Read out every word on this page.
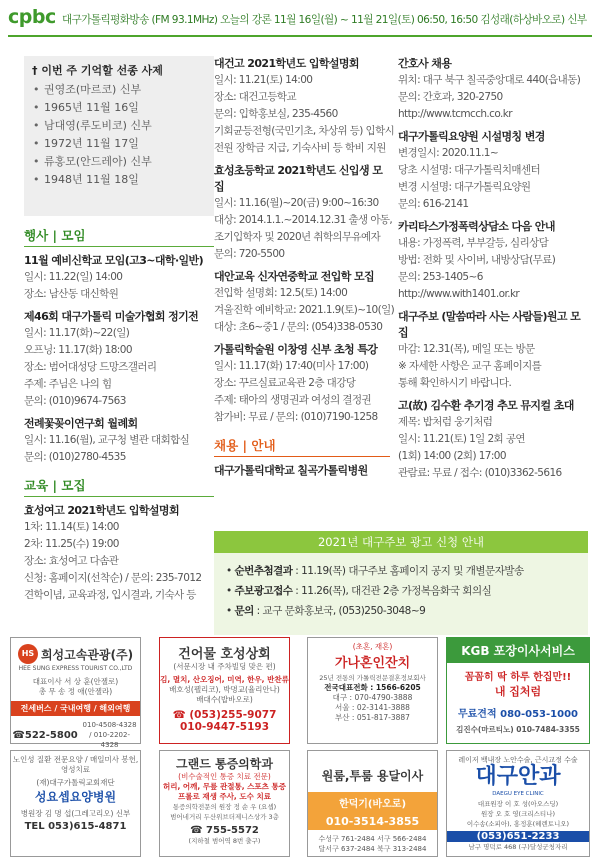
cpbc 대구가톨릭평화방송 (FM 93.1MHz) 오늘의 강론 11월 16일(월) ~ 11월 21일(토) 06:50, 16:50 김성래(하상바오로) 신부
† 이번 주 기억할 선종 사제
• 권영조(마르코) 신부
• 1965년 11월 16일
• 남대영(루도비코) 신부
• 1972년 11월 17일
• 류홍모(안드레아) 신부
• 1948년 11월 18일
행사 | 모임
11월 예비신학교 모임(고3~대학·일반)
일시: 11.22(일) 14:00
장소: 남산동 대신학원
제46회 대구가톨릭 미술가협회 정기전
일시: 11.17(화)~22(일)
오프닝: 11.17(화) 18:00
장소: 범어대성당 드망즈갤러리
주제: 주님은 나의 힘
문의: (010)9674-7563
전례꽃꽂이연구회 월례회
일시: 11.16(월), 교구청 별관 대회합실
문의: (010)2780-4535
교육 | 모집
효성여고 2021학년도 입학설명회
1차: 11.14(토) 14:00
2차: 11.25(수) 19:00
장소: 효성여고 다솜관
신청: 홈페이지(선착순) / 문의: 235-7012
견학이념, 교육과정, 입시결과, 기숙사 등
대건고 2021학년도 입학설명회
일시: 11.21(토) 14:00
장소: 대건고등학교
문의: 입학홍보실, 235-4560
기회균등전형(국민기초, 차상위 등) 입학시
전원 장학금 지급, 기숙사비 등 학비 지원
효성초등학교 2021학년도 신입생 모집
일시: 11.16(월)~20(금) 9:00~16:30
대상: 2014.1.1.~2014.12.31 출생 아동,
조기입학자 및 2020년 취학의무유예자
문의: 720-5500
대안교육 신자연중학교 전입학 모집
전입학 설명회: 12.5(토) 14:00
겨울진학 예비학교: 2021.1.9(토)~10(일)
대상: 초6~중1 / 문의: (054)338-0530
가톨릭학술원 이창영 신부 초청 특강
일시: 11.17(화) 17:40(미사 17:00)
장소: 꾸르실료교육관 2층 대강당
주제: 태아의 생명권과 여성의 결정권
참가비: 무료 / 문의: (010)7190-1258
채용 | 안내
대구가톨릭대학교 칠곡가톨릭병원
간호사 채용
위치: 대구 북구 칠곡중앙대로 440(읍내동)
문의: 간호과, 320-2750
http://www.tcmcch.co.kr
대구가톨릭요양원 시설명칭 변경
변경일시: 2020.11.1~
당초 시설명: 대구가톨릭치매센터
변경 시설명: 대구가톨릭요양원
문의: 616-2141
카리타스가정폭력상담소 다음 안내
내용: 가정폭력, 부부갈등, 심리상담
방법: 전화 및 사이버, 내방상담(무료)
문의: 253-1405~6
http://www.with1401.or.kr
대구주보 (말씀따라 사는 사람들)원고 모집
마감: 12.31(목), 메일 또는 방문
※ 자세한 사항은 교구 홈페이지를
통해 확인하시기 바랍니다.
고(故) 김수환 추기경 추모 뮤지컬 초대
제목: 밥처럼 웅기처럼
일시: 11.21(토) 1일 2회 공연
(1회) 14:00 (2회) 17:00
관람료: 무료 / 접수: (010)3362-5616
2021년 대구주보 광고 신청 안내
• 순번추첨결과 : 11.19(목) 대구주보 홈페이지 공지 및 개별문자발송
• 주보광고접수 : 11.26(목), 대건관 2층 가정복음화국 회의실
• 문의 : 교구 문화홍보국, (053)250-3048~9
HS 희성고속관광(주)
HEE SUNG EXPRESS TOURIST CO.,LTD
대표이사 서 상 훈(안젤로)
총 무 송 정 애(안젤라)
전세버스 / 국내여행 / 해외여행
☎522-5800
010-4508-4328 / 010-2202-4328
건어물 호성상회
(서문시장 내 주차빌딩 맞은 편)
김, 멸치, 산오징어, 미역, 한우, 반찬류
배호성(펠리코), 박명교(율리안나)
배대수(밥바오로)
☎ (053)255-9077
010-9447-5193
(초혼, 재혼)
가나혼인잔치
25년 전통의 가톨릭전문결혼정보회사
전국대표전화 : 1566-6205
대구 : 070-4790-3888
서울 : 02-3141-3888
부산 : 051-817-3887
KGB 포장이사서비스
꼼꼼히 딱 하루 한집만!!
내 집처럼
무료견적 080-053-1000
김진수(마르티노) 010-7484-3355
노인성 질환 전문요양 / 매일미사 봉헌, 영성치료
(재)대구가톨릭교회재단
성요셉요양병원
병원장 김 명 섭(그레고리오) 신부
TEL 053)615-4871
그랜드 통증의학과
(비수술적인 통증 치료 전문)
허리, 어깨, 무릎 관절통, 스포츠 통증
프롤로 재생 주사, 도수 치료
통증의학전문의 원장 정 순 우 (요셉)
범어네거리 두산위브더제니스상가 3층
☎ 755-5572
(지하철 범어역 8번 출구)
원룸,투룸 용달이사
한덕기(바오로)
010-3514-3855
수성구 761-2484 서구 566-2484
달서구 637-2484 북구 313-2484
레이저 백내장 노안수술, 근시교정 수술
대구안과
DAEGU EYE CLINIC
대표원장 이 호 성(아오스딩)
원장 오 호 영(크리스티나)
이수송(소피아), 홍정훈(헤렌토니오)
(053)651-2233
남구 명덕로 468 (구)달성군청자리
